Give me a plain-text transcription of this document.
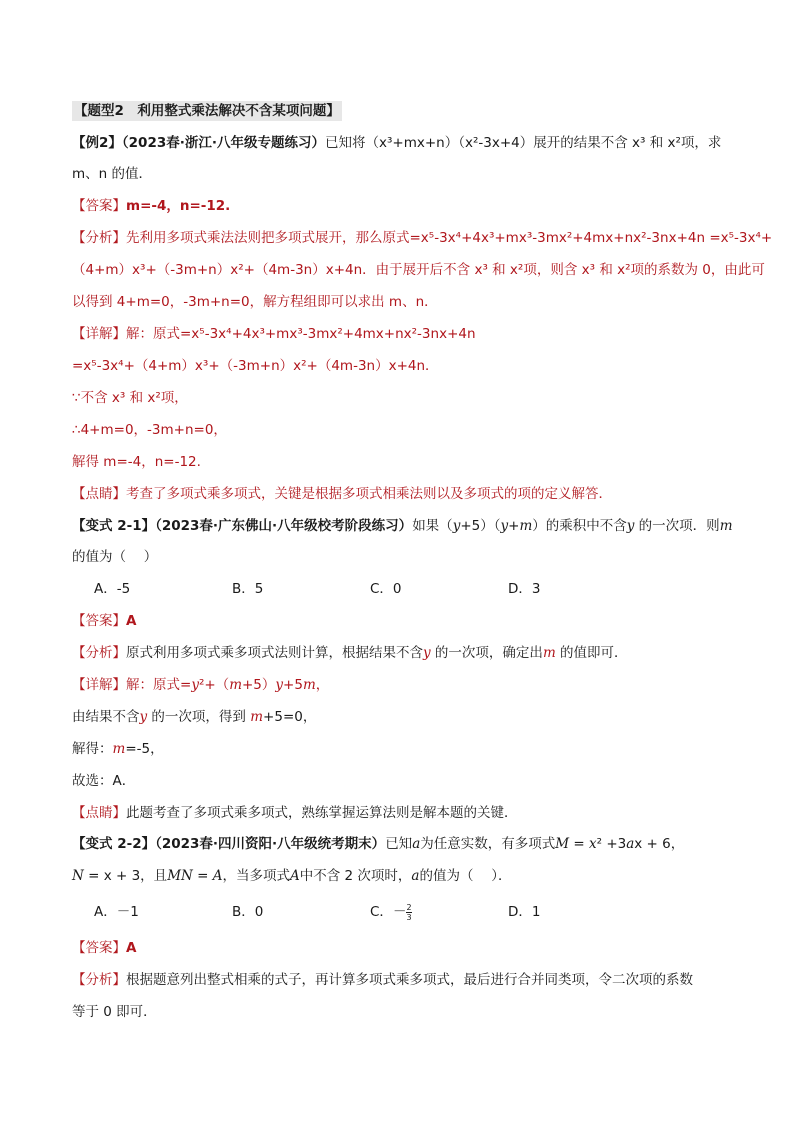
【题型2　利用整式乘法解决不含某项问题】
【例2】（2023春·浙江·八年级专题练习）已知将（x³+mx+n）（x²-3x+4）展开的结果不含 x³ 和 x²项，求
m、n 的值．
【答案】m=-4，n=-12.
【分析】先利用多项式乘法法则把多项式展开，那么原式=x⁵-3x⁴+4x³+mx³-3mx²+4mx+nx²-3nx+4n =x⁵-3x⁴+
（4+m）x³+（-3m+n）x²+（4m-3n）x+4n．由于展开后不含 x³ 和 x²项，则含 x³ 和 x²项的系数为 0，由此可
以得到 4+m=0，-3m+n=0，解方程组即可以求出 m、n．
【详解】解：原式=x⁵-3x⁴+4x³+mx³-3mx²+4mx+nx²-3nx+4n
=x⁵-3x⁴+（4+m）x³+（-3m+n）x²+（4m-3n）x+4n．
∵不含 x³ 和 x²项，
∴4+m=0，-3m+n=0，
解得 m=-4，n=-12.
【点睛】考查了多项式乘多项式，关键是根据多项式相乘法则以及多项式的项的定义解答．
【变式 2-1】（2023春·广东佛山·八年级校考阶段练习）如果（y+5）（y+m）的乘积中不含y 的一次项．则m
的值为（　 ）
A．-5	B．5	C．0	D．3
【答案】A
【分析】原式利用多项式乘多项式法则计算，根据结果不含y 的一次项，确定出m 的值即可．
【详解】解：原式=y²+（m+5）y+5m，
由结果不含y 的一次项，得到 m+5=0，
解得：m=-5，
故选：A．
【点睛】此题考查了多项式乘多项式，熟练掌握运算法则是解本题的关键．
【变式 2-2】（2023春·四川资阳·八年级统考期末）已知a为任意实数，有多项式M = x² +3ax + 6，
N = x + 3，且MN = A，当多项式A中不含 2 次项时，a的值为（　 ）．
A．－1	B．0	C．－ $\frac{2}{3}$	D．1
【答案】A
【分析】根据题意列出整式相乘的式子，再计算多项式乘多项式，最后进行合并同类项，令二次项的系数
等于 0 即可．
